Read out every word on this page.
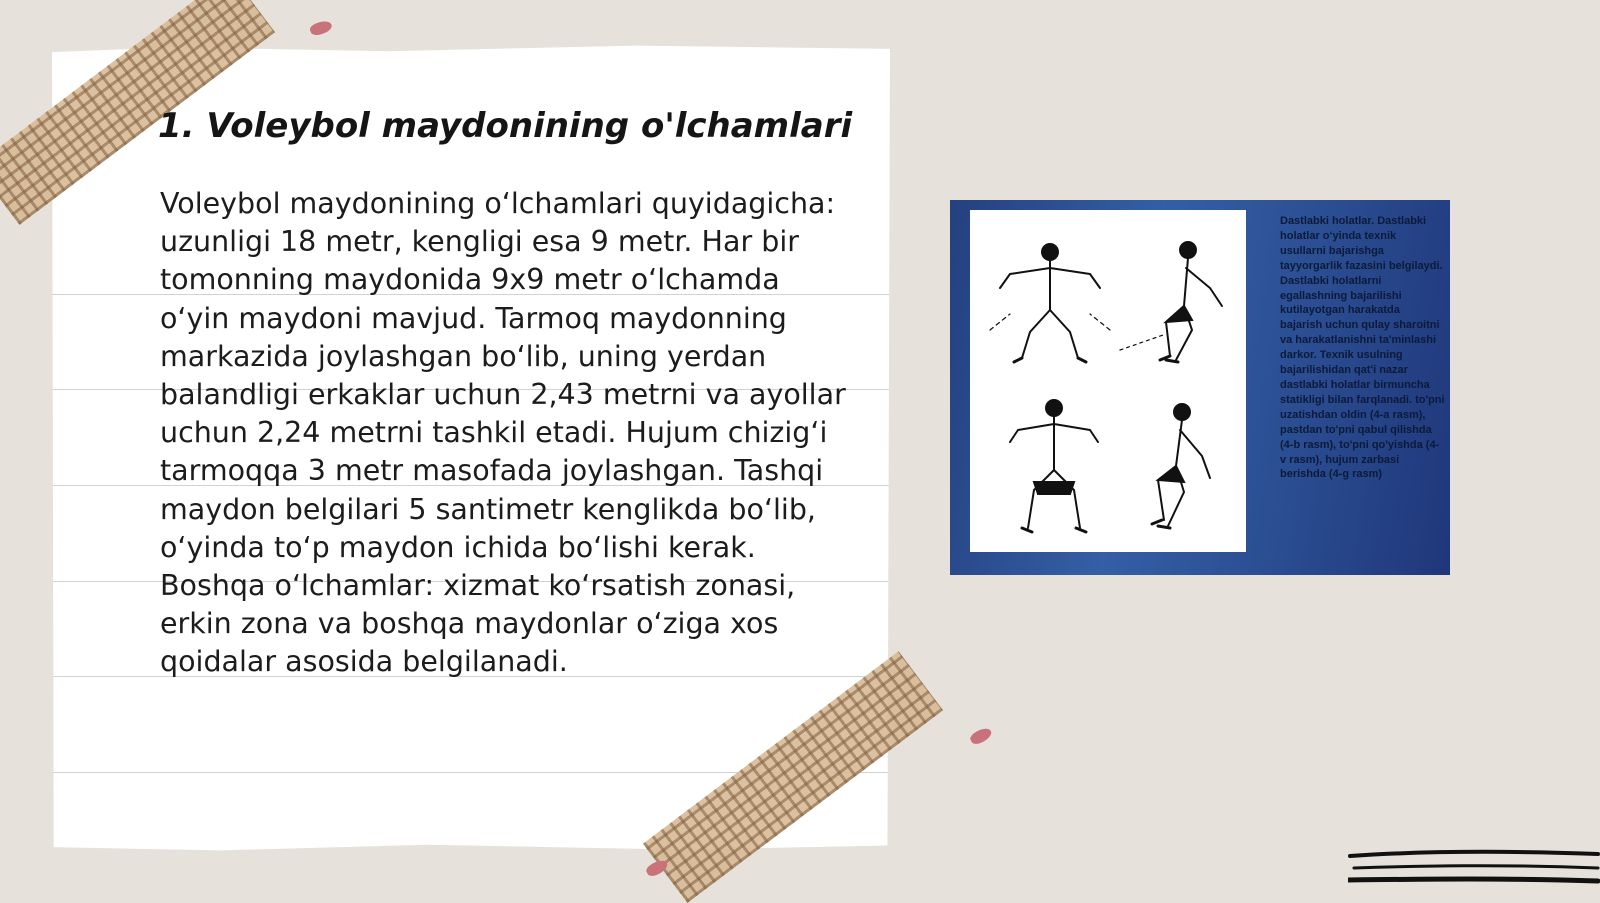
1. Voleybol maydonining o'lchamlari

Voleybol maydonining o‘lchamlari quyidagicha: uzunligi 18 metr, kengligi esa 9 metr. Har bir tomonning maydonida 9x9 metr o‘lchamda o‘yin maydoni mavjud. Tarmoq maydonning markazida joylashgan bo‘lib, uning yerdan balandligi erkaklar uchun 2,43 metrni va ayollar uchun 2,24 metrni tashkil etadi. Hujum chizig‘i tarmoqqa 3 metr masofada joylashgan. Tashqi maydon belgilari 5 santimetr kenglikda bo‘lib, o‘yinda to‘p maydon ichida bo‘lishi kerak. Boshqa o‘lchamlar: xizmat ko‘rsatish zonasi, erkin zona va boshqa maydonlar o‘ziga xos qoidalar asosida belgilanadi.

Dastlabki holatlar. Dastlabki holatlar o‘yinda texnik usullarni bajarishga tayyorgarlik fazasini belgilaydi. Dastlabki holatlarni egallashning bajarilishi kutilayotgan harakatda bajarish uchun qulay sharoitni va harakatlanishni ta'minlashi darkor. Texnik usulning bajarilishidan qat'i nazar dastlabki holatlar birmuncha statikligi bilan farqlanadi. to'pni uzatishdan oldin (4-a rasm), pastdan to'pni qabul qilishda (4-b rasm), to'pni qo'yishda (4-v rasm), hujum zarbasi berishda (4-g rasm)
